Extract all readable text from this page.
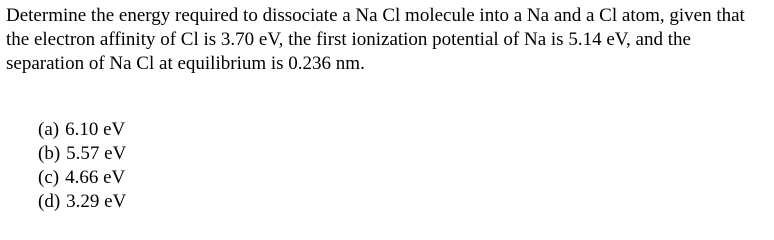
Determine the energy required to dissociate a Na Cl molecule into a Na and a Cl atom, given that the electron affinity of Cl is 3.70 eV, the first ionization potential of Na is 5.14 eV, and the separation of Na Cl at equilibrium is 0.236 nm.

(a) 6.10 eV
(b) 5.57 eV
(c) 4.66 eV
(d) 3.29 eV
